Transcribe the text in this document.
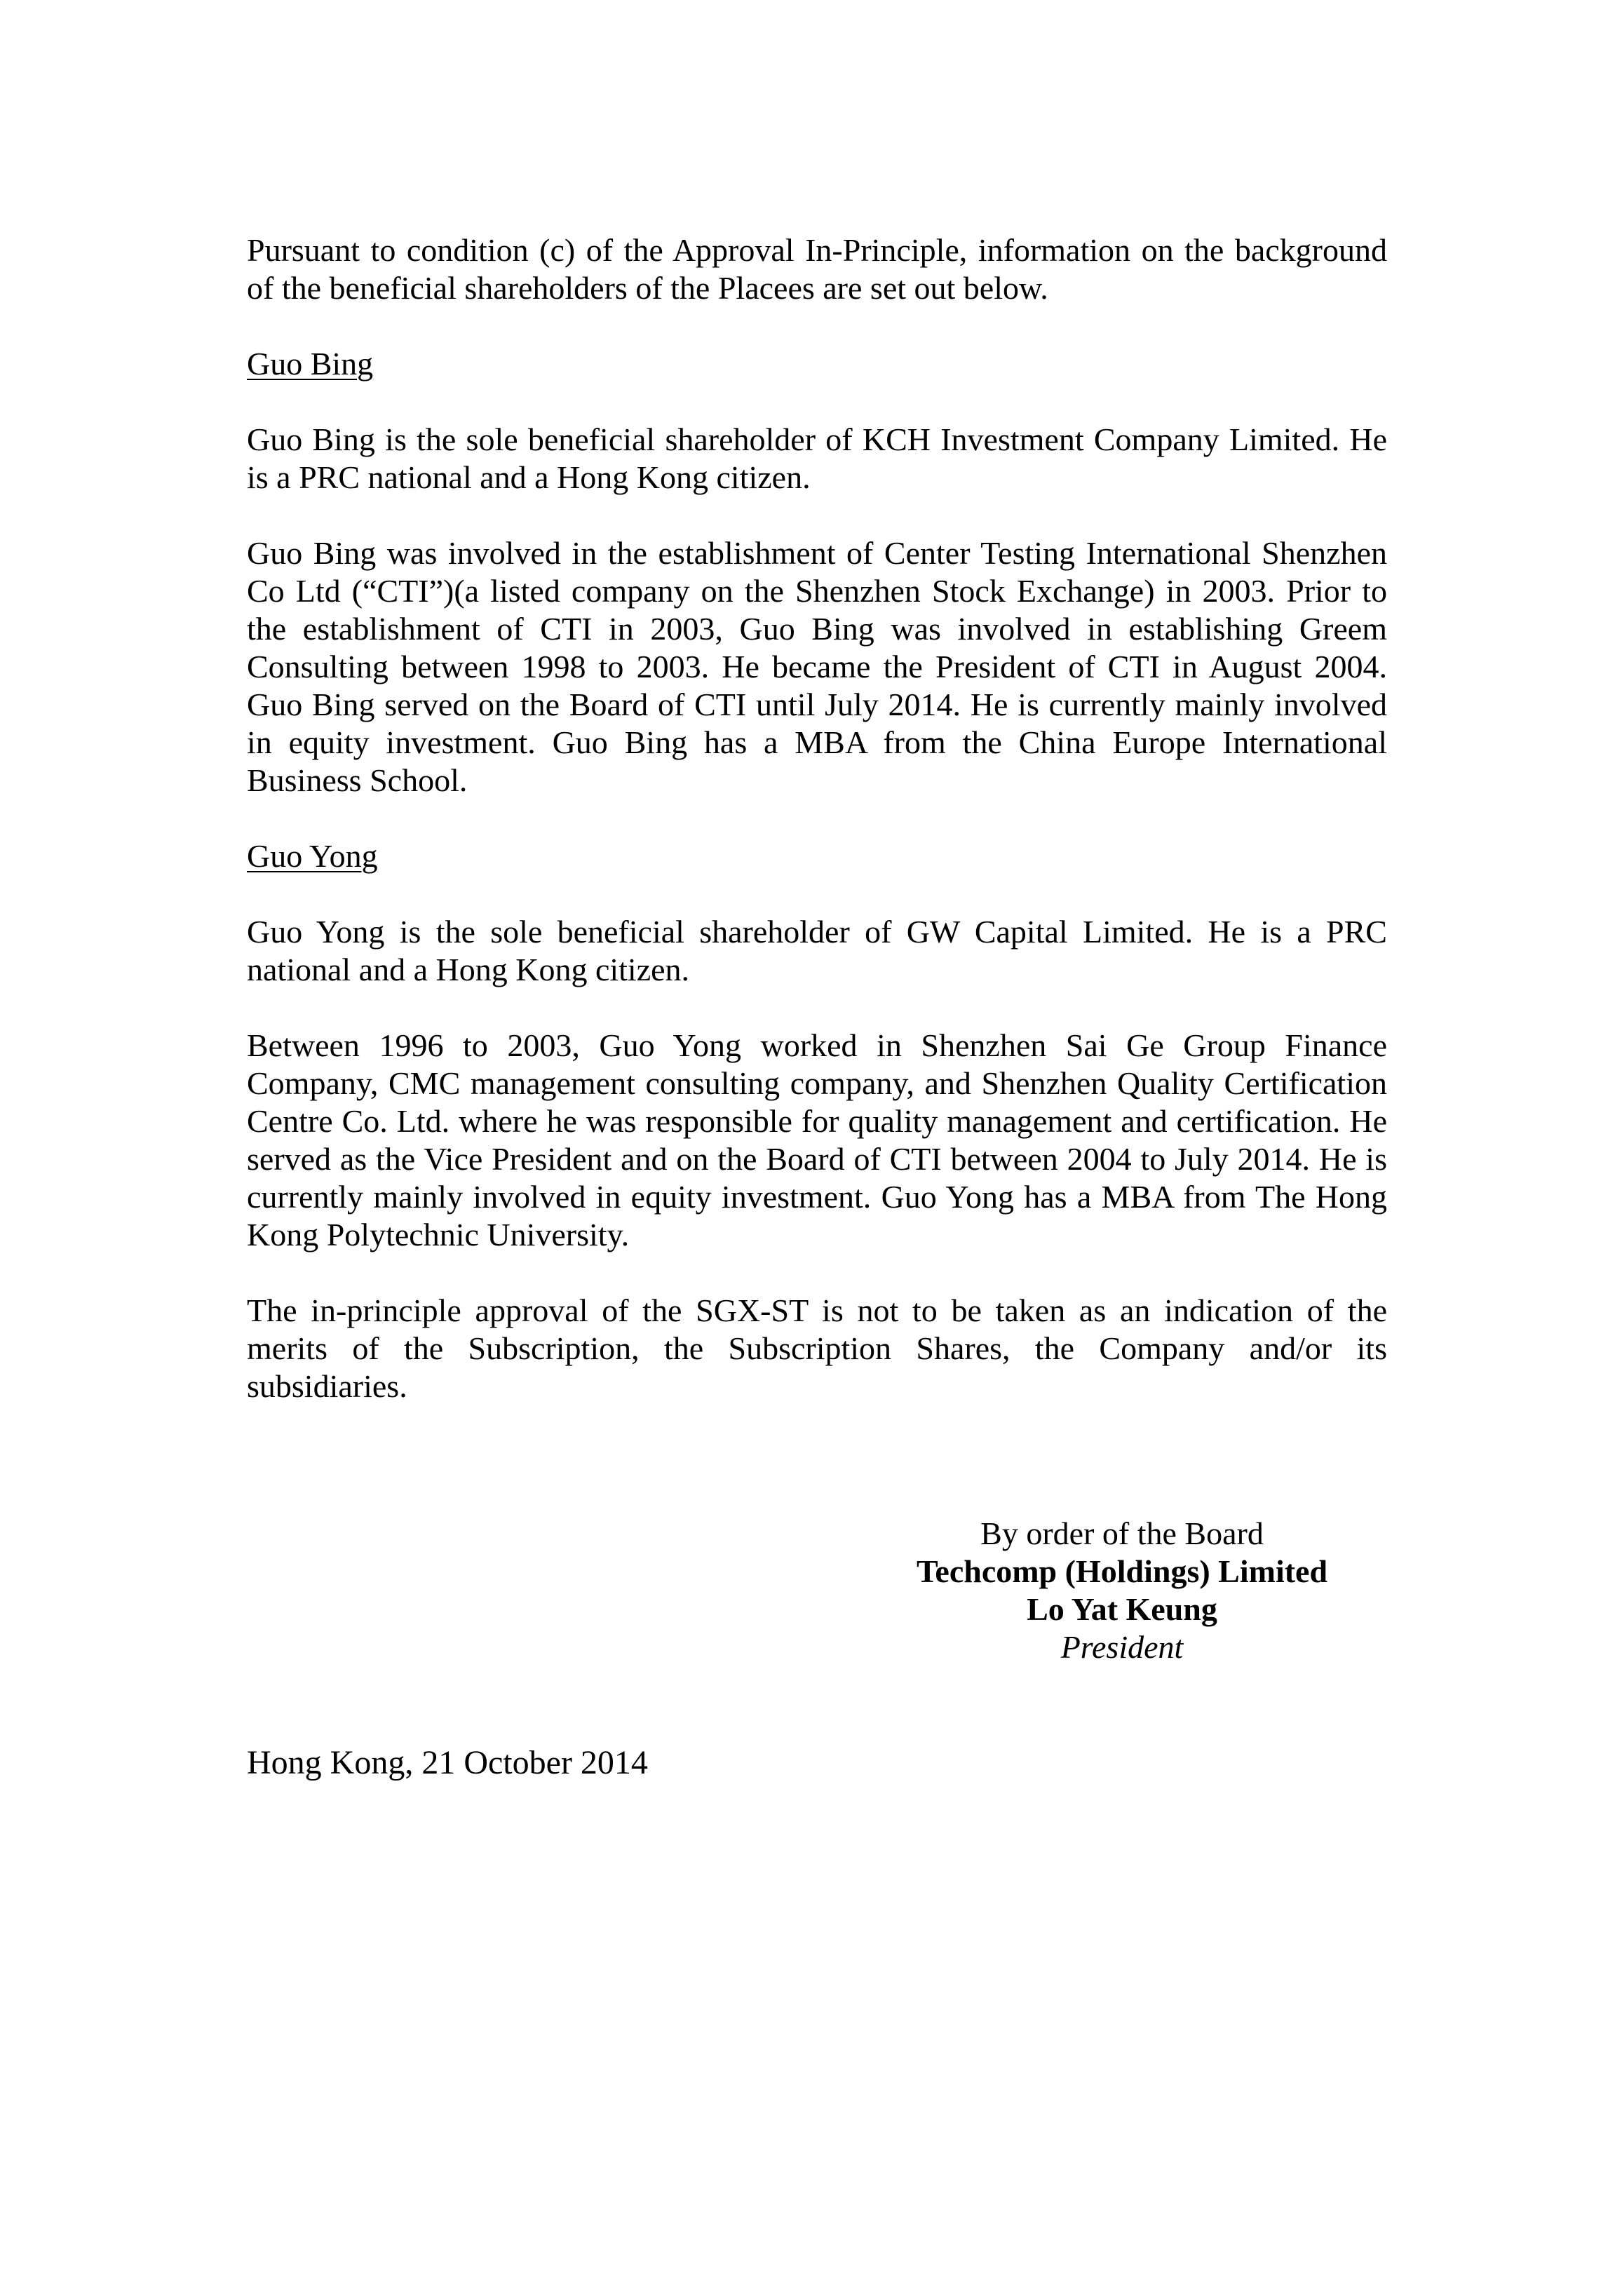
Pursuant to condition (c) of the Approval In-Principle, information on the background of the beneficial shareholders of the Placees are set out below.

Guo Bing

Guo Bing is the sole beneficial shareholder of KCH Investment Company Limited. He is a PRC national and a Hong Kong citizen.

Guo Bing was involved in the establishment of Center Testing International Shenzhen Co Ltd (“CTI”)(a listed company on the Shenzhen Stock Exchange) in 2003. Prior to the establishment of CTI in 2003, Guo Bing was involved in establishing Greem Consulting between 1998 to 2003. He became the President of CTI in August 2004. Guo Bing served on the Board of CTI until July 2014. He is currently mainly involved in equity investment. Guo Bing has a MBA from the China Europe International Business School.

Guo Yong

Guo Yong is the sole beneficial shareholder of GW Capital Limited. He is a PRC national and a Hong Kong citizen.

Between 1996 to 2003, Guo Yong worked in Shenzhen Sai Ge Group Finance Company, CMC management consulting company, and Shenzhen Quality Certification Centre Co. Ltd. where he was responsible for quality management and certification. He served as the Vice President and on the Board of CTI between 2004 to July 2014. He is currently mainly involved in equity investment. Guo Yong has a MBA from The Hong Kong Polytechnic University.

The in-principle approval of the SGX-ST is not to be taken as an indication of the merits of the Subscription, the Subscription Shares, the Company and/or its subsidiaries.

By order of the Board
Techcomp (Holdings) Limited
Lo Yat Keung
President
Hong Kong, 21 October 2014
